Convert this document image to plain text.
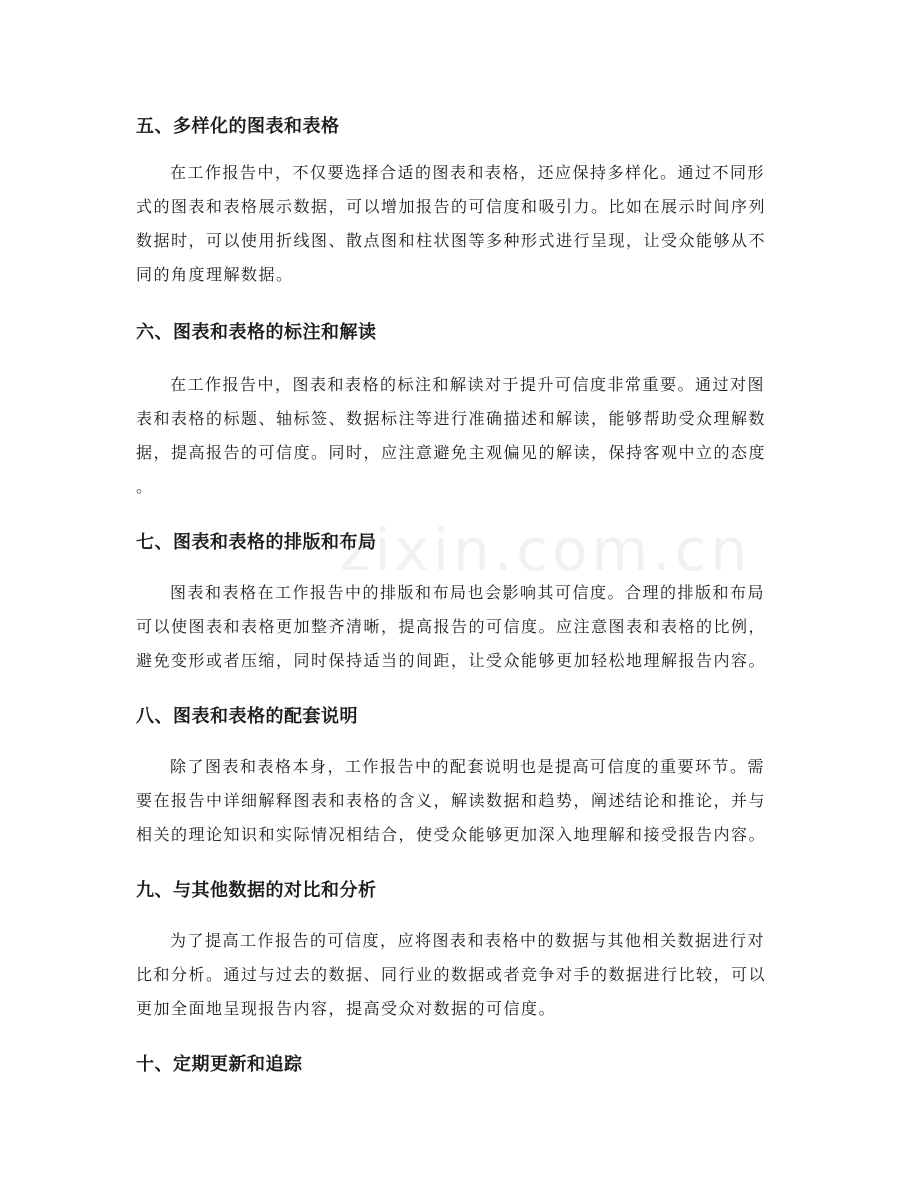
zixin.com.cn
五、多样化的图表和表格
在工作报告中，不仅要选择合适的图表和表格，还应保持多样化。通过不同形
式的图表和表格展示数据，可以增加报告的可信度和吸引力。比如在展示时间序列
数据时，可以使用折线图、散点图和柱状图等多种形式进行呈现，让受众能够从不
同的角度理解数据。
六、图表和表格的标注和解读
在工作报告中，图表和表格的标注和解读对于提升可信度非常重要。通过对图
表和表格的标题、轴标签、数据标注等进行准确描述和解读，能够帮助受众理解数
据，提高报告的可信度。同时，应注意避免主观偏见的解读，保持客观中立的态度
。
七、图表和表格的排版和布局
图表和表格在工作报告中的排版和布局也会影响其可信度。合理的排版和布局
可以使图表和表格更加整齐清晰，提高报告的可信度。应注意图表和表格的比例，
避免变形或者压缩，同时保持适当的间距，让受众能够更加轻松地理解报告内容。
八、图表和表格的配套说明
除了图表和表格本身，工作报告中的配套说明也是提高可信度的重要环节。需
要在报告中详细解释图表和表格的含义，解读数据和趋势，阐述结论和推论，并与
相关的理论知识和实际情况相结合，使受众能够更加深入地理解和接受报告内容。
九、与其他数据的对比和分析
为了提高工作报告的可信度，应将图表和表格中的数据与其他相关数据进行对
比和分析。通过与过去的数据、同行业的数据或者竞争对手的数据进行比较，可以
更加全面地呈现报告内容，提高受众对数据的可信度。
十、定期更新和追踪
